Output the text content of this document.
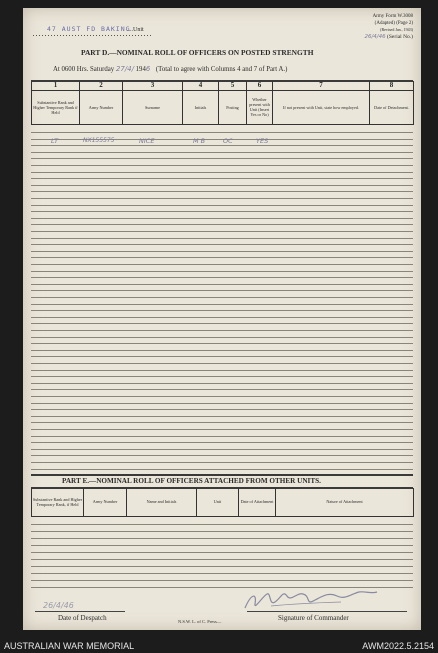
47 AUST FD BAKING
....Unit
Army Form W.3008
(Adapted) (Page 2)
(Revised Jan., 1943)
26/4/46 (Serial No.)
PART D.—NOMINAL ROLL OF OFFICERS ON POSTED STRENGTH
At 0600 Hrs. Saturday 27/4/ 1946 (Total to agree with Columns 4 and 7 of Part A.)
1	2	3	4	5	6	7	8
Substantive Rank and Higher Temporary Rank if Held	Army Number	Surname	Initials	Posting	Whether present with Unit (Insert Yes or No)	If not present with Unit, state how employed.	Date of Detachment.

LT	NX155575	NICE	M B	OC	YES
PART E.—NOMINAL ROLL OF OFFICERS ATTACHED FROM OTHER UNITS.
Substantive Rank and Higher Temporary Rank, if Held	Army Number	Name and Initials	Unit	Date of Attachment	Nature of Attachment

26/4/46
Date of Despatch	N.S.W. L. of C. Press—	Signature of Commander
AUSTRALIAN WAR MEMORIAL	AWM2022.5.2154
